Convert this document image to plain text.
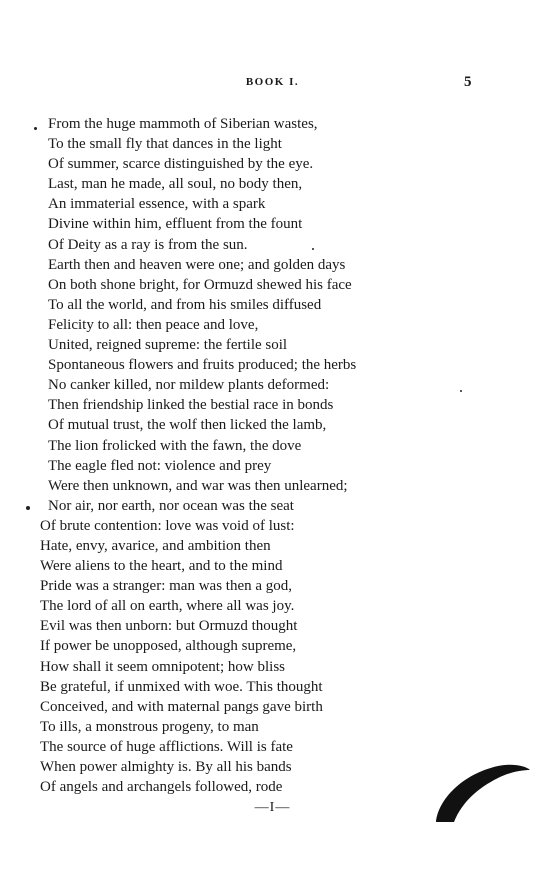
BOOK I.	5
From the huge mammoth of Siberian wastes,
To the small fly that dances in the light
Of summer, scarce distinguished by the eye.
Last, man he made, all soul, no body then,
An immaterial essence, with a spark
Divine within him, effluent from the fount
Of Deity as a ray is from the sun.
Earth then and heaven were one; and golden days
On both shone bright, for Ormuzd shewed his face
To all the world, and from his smiles diffused
Felicity to all: then peace and love,
United, reigned supreme: the fertile soil
Spontaneous flowers and fruits produced; the herbs
No canker killed, nor mildew plants deformed:
Then friendship linked the bestial race in bonds
Of mutual trust, the wolf then licked the lamb,
The lion frolicked with the fawn, the dove
The eagle fled not: violence and prey
Were then unknown, and war was then unlearned;
Nor air, nor earth, nor ocean was the seat
Of brute contention: love was void of lust:
Hate, envy, avarice, and ambition then
Were aliens to the heart, and to the mind
Pride was a stranger: man was then a god,
The lord of all on earth, where all was joy.
Evil was then unborn: but Ormuzd thought
If power be unopposed, although supreme,
How shall it seem omnipotent; how bliss
Be grateful, if unmixed with woe. This thought
Conceived, and with maternal pangs gave birth
To ills, a monstrous progeny, to man
The source of huge afflictions. Will is fate
When power almighty is. By all his bands
Of angels and archangels followed, rode
—I—
